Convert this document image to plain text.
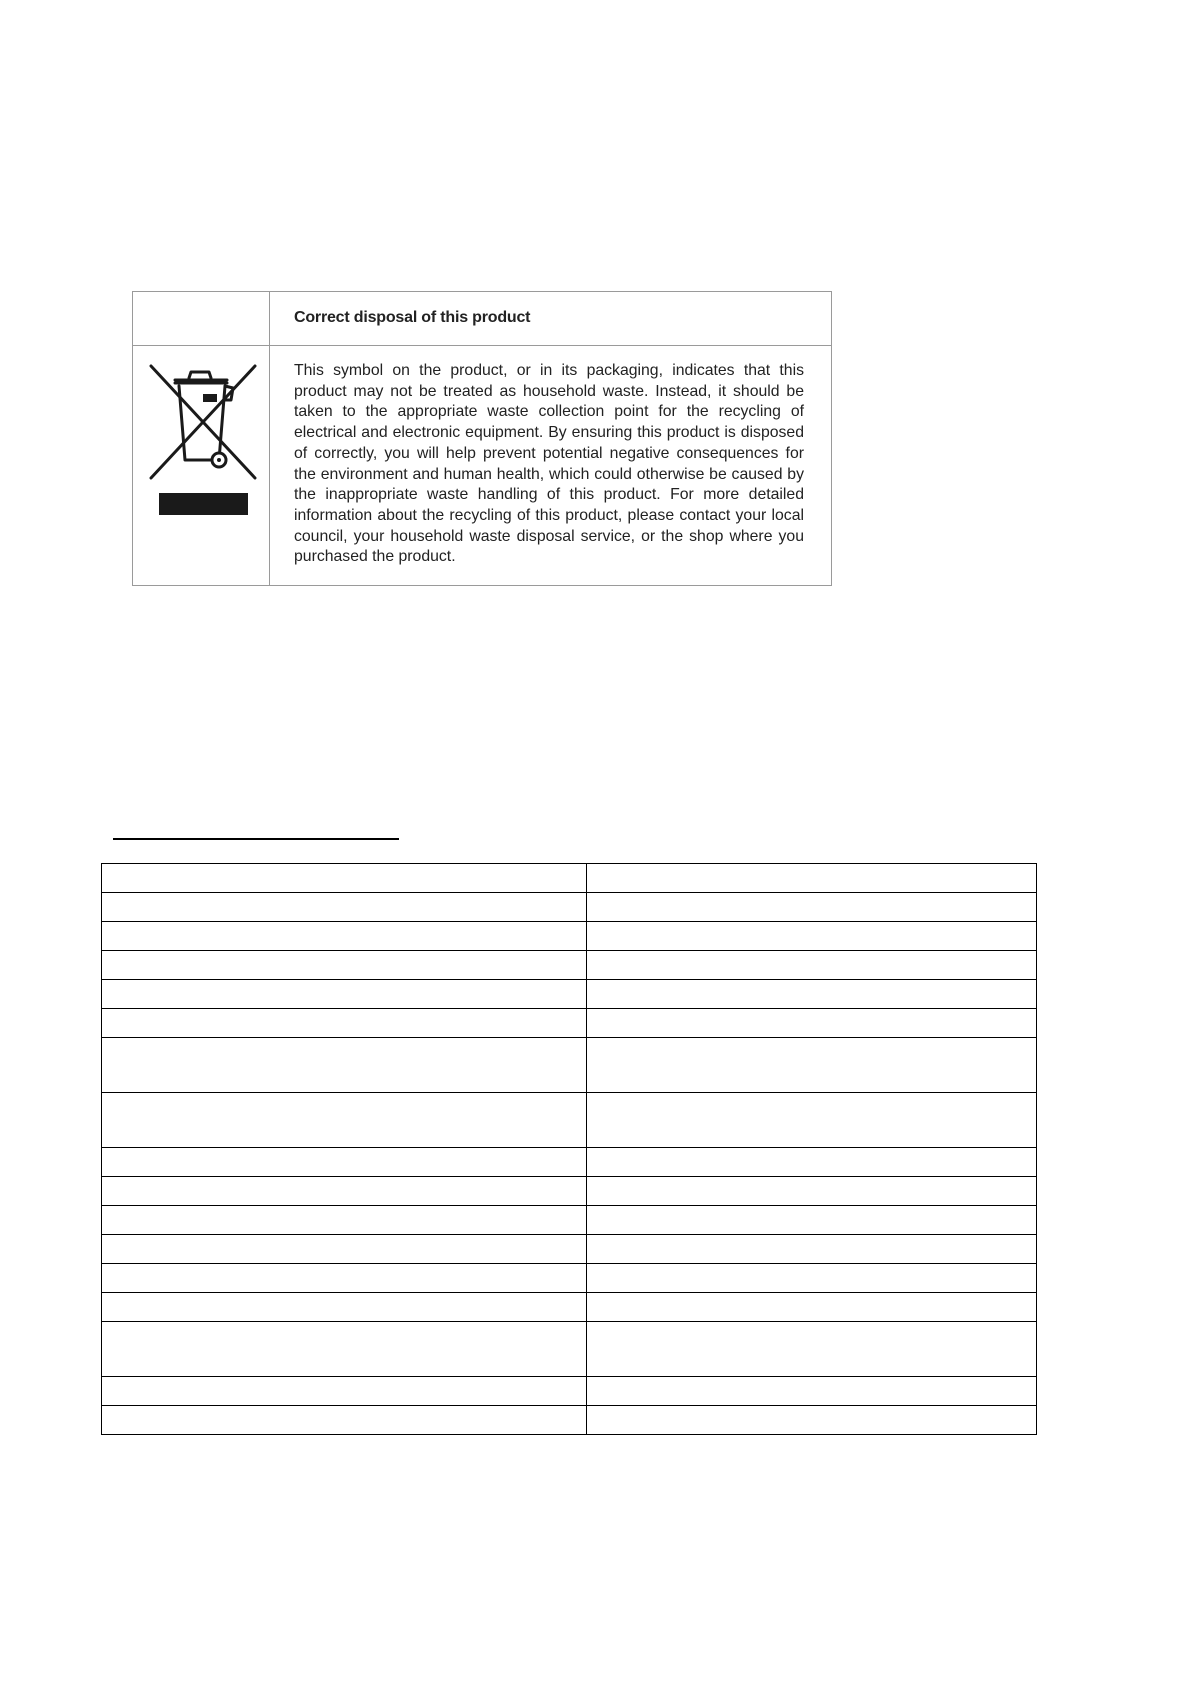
Correct disposal of this product
This symbol on the product, or in its packaging, indicates that this product may not be treated as household waste. Instead, it should be taken to the appropriate waste collection point for the recycling of electrical and electronic equipment. By ensuring this product is disposed of correctly, you will help prevent potential negative consequences for the environment and human health, which could otherwise be caused by the inappropriate waste handling of this product. For more detailed information about the recycling of this product, please contact your local council, your household waste disposal service, or the shop where you purchased the product.
